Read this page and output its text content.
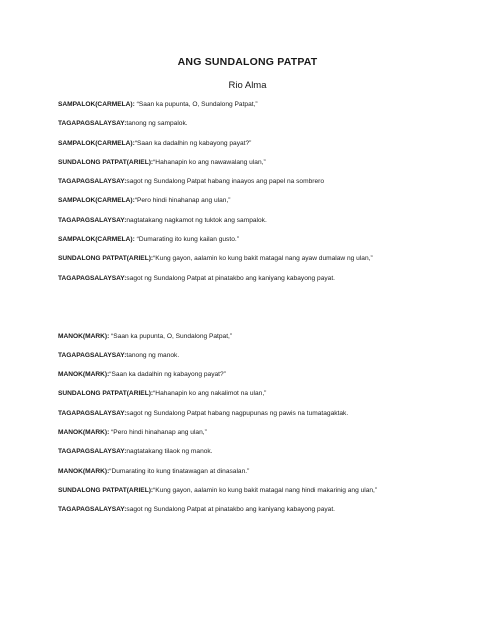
ANG SUNDALONG PATPAT

Rio Alma

SAMPALOK(CARMELA): “Saan ka pupunta, O, Sundalong Patpat,”
TAGAPAGSALAYSAY:tanong ng sampalok.
SAMPALOK(CARMELA):“Saan ka dadalhin ng kabayong payat?”
SUNDALONG PATPAT(ARIEL):“Hahanapin ko ang nawawalang ulan,”
TAGAPAGSALAYSAY:sagot ng Sundalong Patpat habang inaayos ang papel na sombrero
SAMPALOK(CARMELA):“Pero hindi hinahanap ang ulan,”
TAGAPAGSALAYSAY:nagtatakang nagkamot ng tuktok ang sampalok.
SAMPALOK(CARMELA): “Dumarating ito kung kailan gusto.”
SUNDALONG PATPAT(ARIEL):“Kung gayon, aalamin ko kung bakit matagal nang ayaw dumalaw ng ulan,”
TAGAPAGSALAYSAY:sagot ng Sundalong Patpat at pinatakbo ang kaniyang kabayong payat.
MANOK(MARK): “Saan ka pupunta, O, Sundalong Patpat,”
TAGAPAGSALAYSAY:tanong ng manok.
MANOK(MARK):“Saan ka dadalhin ng kabayong payat?”
SUNDALONG PATPAT(ARIEL):“Hahanapin ko ang nakalimot na ulan,”
TAGAPAGSALAYSAY:sagot ng Sundalong Patpat habang nagpupunas ng pawis na tumatagaktak.
MANOK(MARK): “Pero hindi hinahanap ang ulan,”
TAGAPAGSALAYSAY:nagtatakang tilaok ng manok.
MANOK(MARK):“Dumarating ito kung tinatawagan at dinasalan.”
SUNDALONG PATPAT(ARIEL):“Kung gayon, aalamin ko kung bakit matagal nang hindi makarinig ang ulan,”
TAGAPAGSALAYSAY:sagot ng Sundalong Patpat at pinatakbo ang kaniyang kabayong payat.
